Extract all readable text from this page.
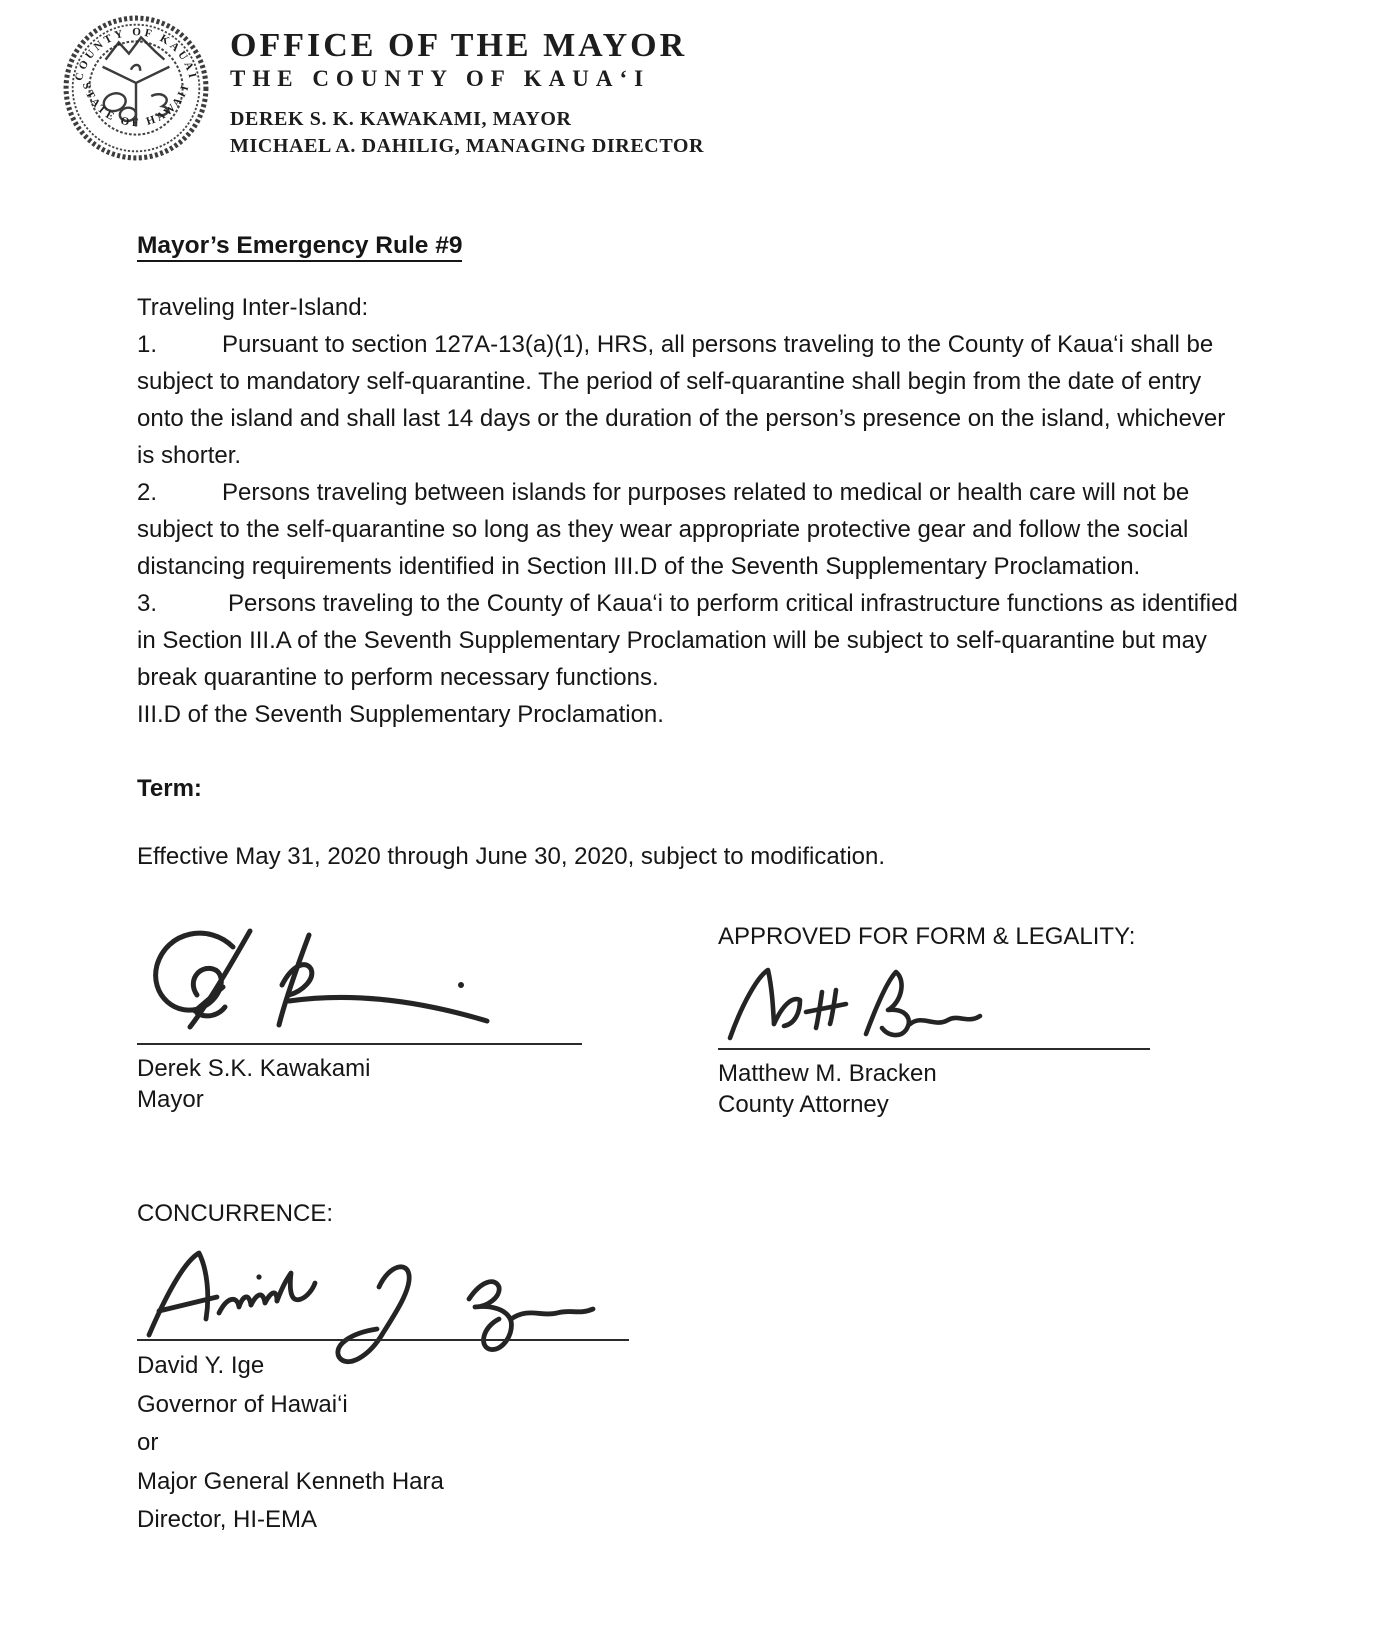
COUNTY OF KAUAI
STATE OF HAWAII
OFFICE OF THE MAYOR
THE COUNTY OF KAUA‘I
DEREK S. K. KAWAKAMI, MAYOR
MICHAEL A. DAHILIG, MANAGING DIRECTOR
Mayor’s Emergency Rule #9

Traveling Inter-Island:

1.	Pursuant to section 127A-13(a)(1), HRS, all persons traveling to the County of Kaua‘i shall be subject to mandatory self-quarantine. The period of self-quarantine shall begin from the date of entry onto the island and shall last 14 days or the duration of the person’s presence on the island, whichever is shorter.

2.	Persons traveling between islands for purposes related to medical or health care will not be subject to the self-quarantine so long as they wear appropriate protective gear and follow the social distancing requirements identified in Section III.D of the Seventh Supplementary Proclamation.

3.	Persons traveling to the County of Kaua‘i to perform critical infrastructure functions as identified in Section III.A of the Seventh Supplementary Proclamation will be subject to self-quarantine but may break quarantine to perform necessary functions.

III.D of the Seventh Supplementary Proclamation.

Term:

Effective May 31, 2020 through June 30, 2020, subject to modification.

Derek S.K. Kawakami
Mayor
APPROVED FOR FORM & LEGALITY:
Matthew M. Bracken
County Attorney
CONCURRENCE:
David Y. Ige
Governor of Hawai‘i
or
Major General Kenneth Hara
Director, HI-EMA
